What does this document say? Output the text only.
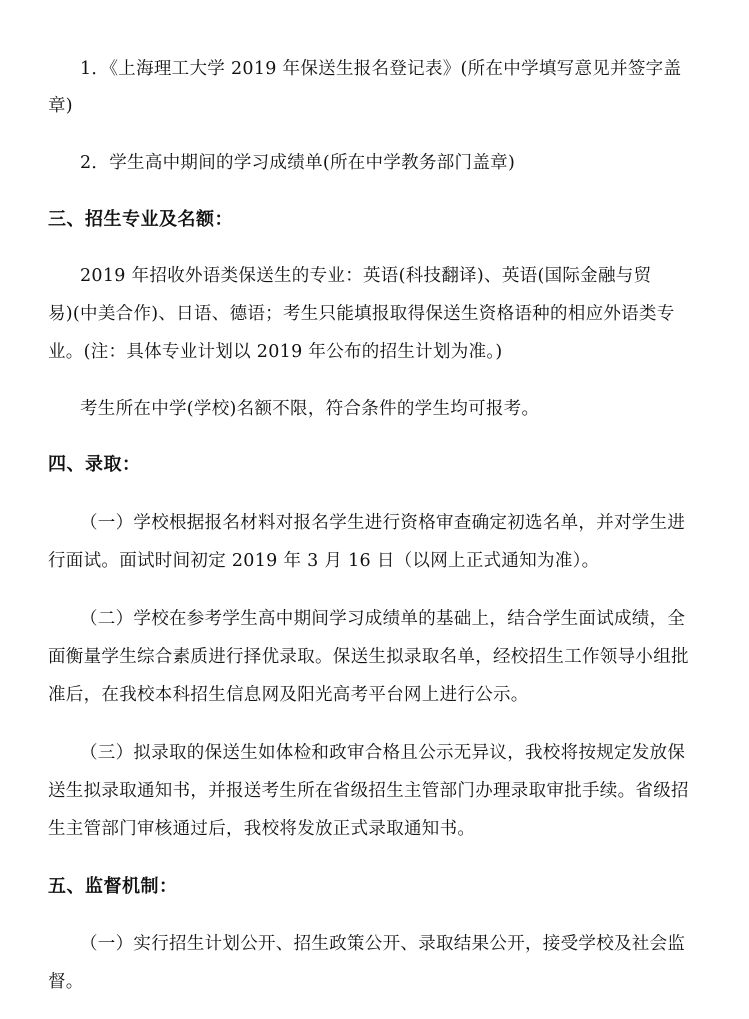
1．《上海理工大学 2019 年保送生报名登记表》(所在中学填写意见并签字盖
章)
2．学生高中期间的学习成绩单(所在中学教务部门盖章)
三、招生专业及名额：
2019 年招收外语类保送生的专业：英语(科技翻译)、英语(国际金融与贸
易)(中美合作)、日语、德语；考生只能填报取得保送生资格语种的相应外语类专
业。(注：具体专业计划以 2019 年公布的招生计划为准。)
考生所在中学(学校)名额不限，符合条件的学生均可报考。
四、录取：
（一）学校根据报名材料对报名学生进行资格审查确定初选名单，并对学生进
行面试。面试时间初定 2019 年 3 月 16 日（以网上正式通知为准）。
（二）学校在参考学生高中期间学习成绩单的基础上，结合学生面试成绩，全
面衡量学生综合素质进行择优录取。保送生拟录取名单，经校招生工作领导小组批
准后，在我校本科招生信息网及阳光高考平台网上进行公示。
（三）拟录取的保送生如体检和政审合格且公示无异议，我校将按规定发放保
送生拟录取通知书，并报送考生所在省级招生主管部门办理录取审批手续。省级招
生主管部门审核通过后，我校将发放正式录取通知书。
五、监督机制：
（一）实行招生计划公开、招生政策公开、录取结果公开，接受学校及社会监
督。
